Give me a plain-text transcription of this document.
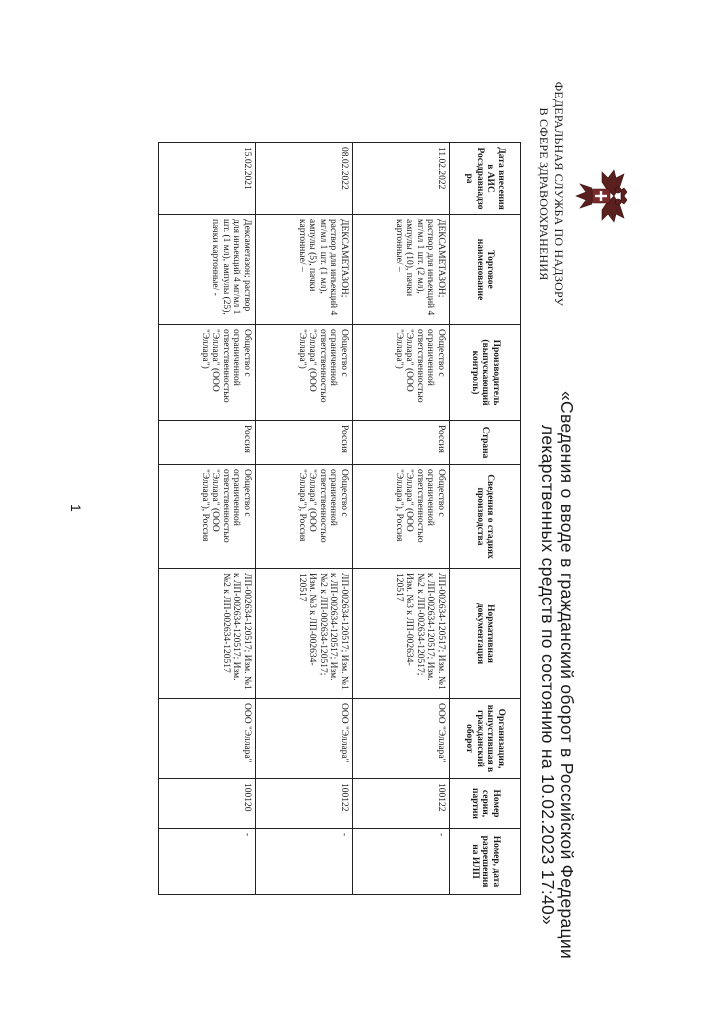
ФЕДЕРАЛЬНАЯ СЛУЖБА ПО НАДЗОРУ
В СФЕРЕ ЗДРАВООХРАНЕНИЯ
«Сведения о вводе в гражданский оборот в Российской Федерации
лекарственных средств по состоянию на 10.02.2023 17:40»
Дата внесения в АИС Росздравнадзора	Торговое наименование	Производитель (выпускающий контроль)	Страна	Сведения о стадиях производства	Нормативная документация	Организация, выпустившая в гражданский оборот	Номер серии, партии	Номер, дата разрешения на ИЛП
11.02.2022	ДЕКСАМЕТАЗОН; раствор для инъекций 4 мг/мл 1 шт. (2 мл), ампулы (10), пачки картонные/ –	Общество с ограниченной ответственностью "Эллара" (ООО "Эллара")	Россия	Общество с ограниченной ответственностью "Эллара" (ООО "Эллара"), Россия	ЛП-002634-120517; Изм. №1 к ЛП-002634-120517; Изм. №2 к ЛП-002634-120517; Изм. №3 к ЛП-002634-120517	ООО "Эллара"	100122	-
08.02.2022	ДЕКСАМЕТАЗОН; раствор для инъекций 4 мг/мл 1 шт. (1 мл), ампулы (5), пачки картонные/ –	Общество с ограниченной ответственностью "Эллара" (ООО "Эллара")	Россия	Общество с ограниченной ответственностью "Эллара" (ООО "Эллара"), Россия	ЛП-002634-120517; Изм. №1 к ЛП-002634-120517; Изм. №2 к ЛП-002634-120517; Изм. №3 к ЛП-002634-120517	ООО "Эллара"	100122	-
15.02.2021	Дексаметазон; раствор для инъекций 4 мг/мл 1 шт. (1 мл), ампулы (25), пачки картонные/ -	Общество с ограниченной ответственностью "Эллара" (ООО "Эллара")	Россия	Общество с ограниченной ответственностью "Эллара" (ООО "Эллара"), Россия	ЛП-002634-120517; Изм. №1 к ЛП-002634-120517; Изм. №2 к ЛП-002634-120517	ООО "Эллара"	100120	-
1
